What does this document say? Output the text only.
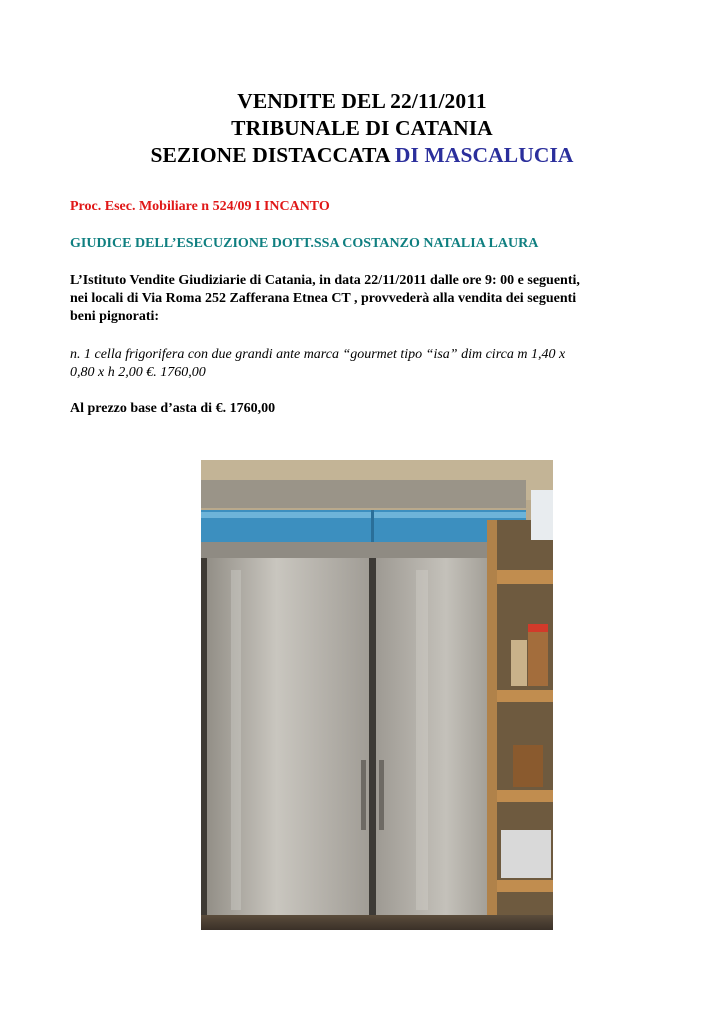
VENDITE DEL 22/11/2011
TRIBUNALE DI CATANIA
SEZIONE DISTACCATA DI MASCALUCIA
Proc. Esec. Mobiliare n 524/09 I INCANTO
GIUDICE DELL’ESECUZIONE DOTT.SSA COSTANZO NATALIA LAURA
L’Istituto Vendite Giudiziarie di Catania, in data 22/11/2011 dalle ore 9: 00 e seguenti,
nei locali di Via Roma 252 Zafferana Etnea CT , provvederà alla vendita dei seguenti
beni pignorati:
n. 1 cella frigorifera con due grandi ante marca “gourmet tipo “isa” dim circa m 1,40 x
0,80 x h 2,00 €. 1760,00
Al prezzo base d’asta di €. 1760,00
